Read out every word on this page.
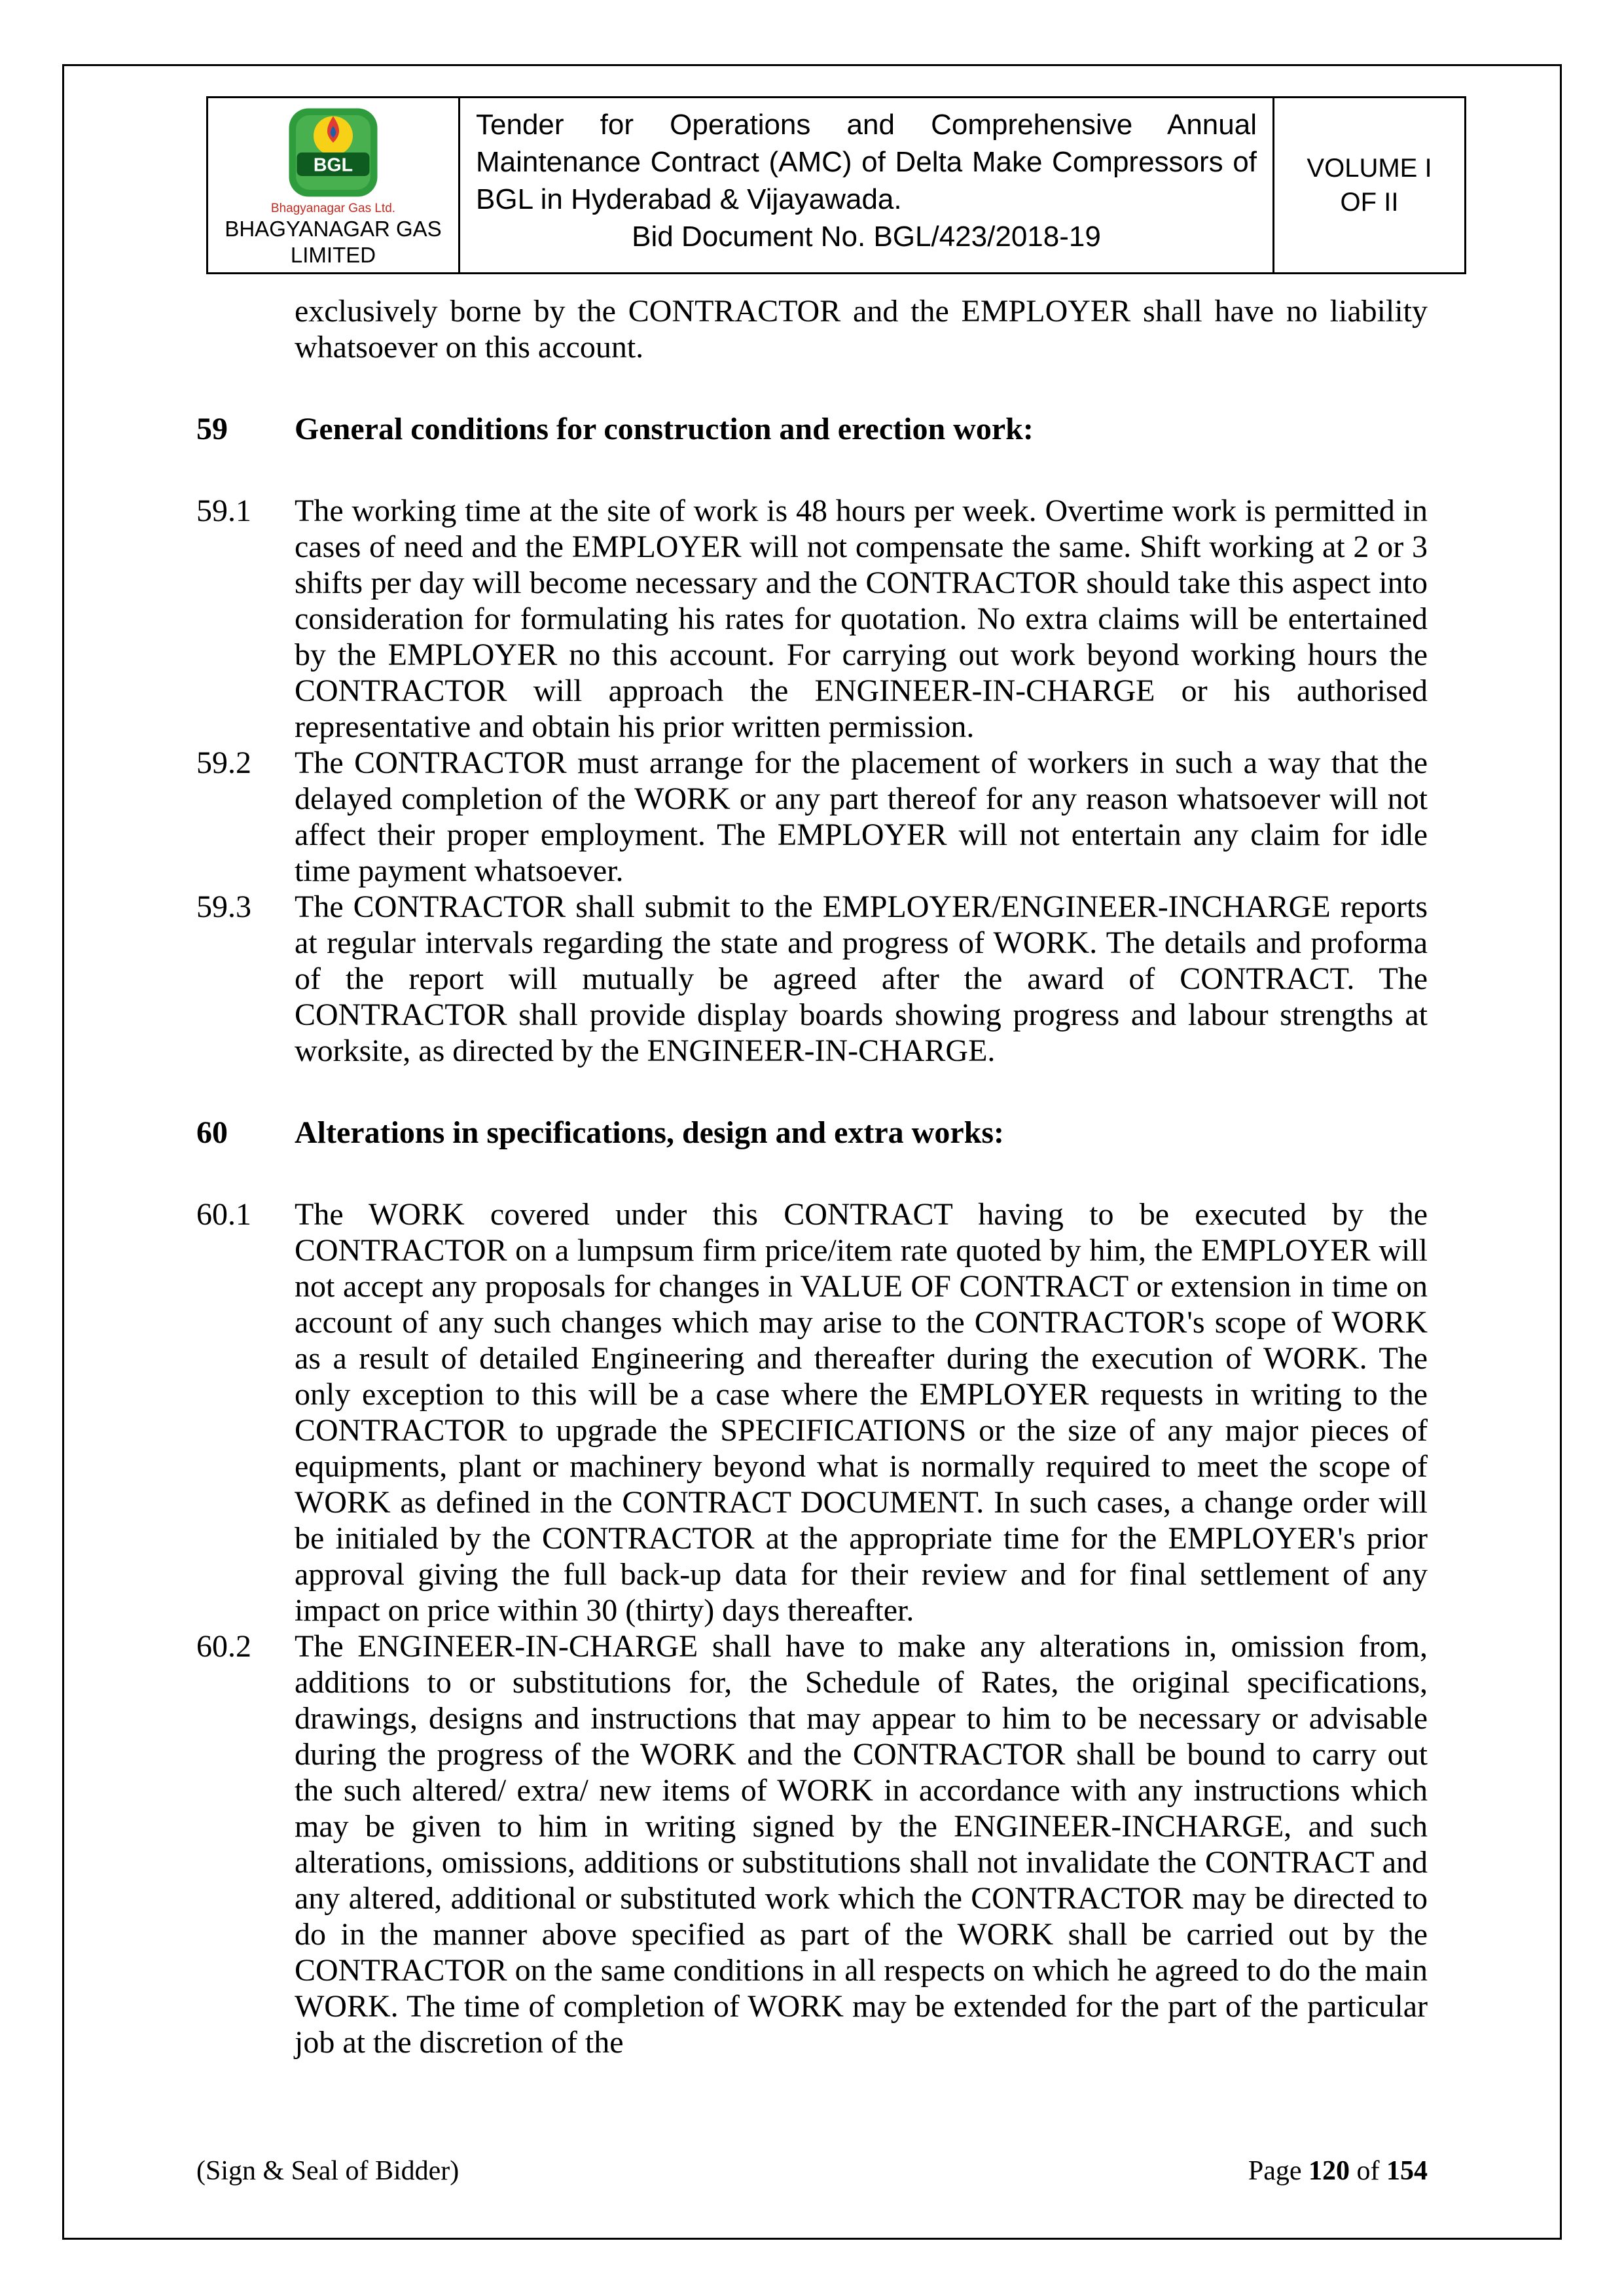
BGL
Bhagyanagar Gas Ltd.
BHAGYANAGAR GAS
LIMITED
Tender for Operations and Comprehensive Annual Maintenance Contract (AMC) of Delta Make Compressors of BGL in Hyderabad & Vijayawada.
Bid Document No. BGL/423/2018-19
VOLUME I
OF II

exclusively borne by the CONTRACTOR and the EMPLOYER shall have no liability whatsoever on this account.

59	General conditions for construction and erection work:
59.1	The working time at the site of work is 48 hours per week. Overtime work is permitted in cases of need and the EMPLOYER will not compensate the same. Shift working at 2 or 3 shifts per day will become necessary and the CONTRACTOR should take this aspect into consideration for formulating his rates for quotation. No extra claims will be entertained by the EMPLOYER no this account. For carrying out work beyond working hours the CONTRACTOR will approach the ENGINEER-IN-CHARGE or his authorised representative and obtain his prior written permission.
59.2	The CONTRACTOR must arrange for the placement of workers in such a way that the delayed completion of the WORK or any part thereof for any reason whatsoever will not affect their proper employment. The EMPLOYER will not entertain any claim for idle time payment whatsoever.
59.3	The CONTRACTOR shall submit to the EMPLOYER/ENGINEER-INCHARGE reports at regular intervals regarding the state and progress of WORK. The details and proforma of the report will mutually be agreed after the award of CONTRACT. The CONTRACTOR shall provide display boards showing progress and labour strengths at worksite, as directed by the ENGINEER-IN-CHARGE.
60	Alterations in specifications, design and extra works:
60.1	The WORK covered under this CONTRACT having to be executed by the CONTRACTOR on a lumpsum firm price/item rate quoted by him, the EMPLOYER will not accept any proposals for changes in VALUE OF CONTRACT or extension in time on account of any such changes which may arise to the CONTRACTOR's scope of WORK as a result of detailed Engineering and thereafter during the execution of WORK. The only exception to this will be a case where the EMPLOYER requests in writing to the CONTRACTOR to upgrade the SPECIFICATIONS or the size of any major pieces of equipments, plant or machinery beyond what is normally required to meet the scope of WORK as defined in the CONTRACT DOCUMENT. In such cases, a change order will be initialed by the CONTRACTOR at the appropriate time for the EMPLOYER's prior approval giving the full back-up data for their review and for final settlement of any impact on price within 30 (thirty) days thereafter.
60.2	The ENGINEER-IN-CHARGE shall have to make any alterations in, omission from, additions to or substitutions for, the Schedule of Rates, the original specifications, drawings, designs and instructions that may appear to him to be necessary or advisable during the progress of the WORK and the CONTRACTOR shall be bound to carry out the such altered/ extra/ new items of WORK in accordance with any instructions which may be given to him in writing signed by the ENGINEER-INCHARGE, and such alterations, omissions, additions or substitutions shall not invalidate the CONTRACT and any altered, additional or substituted work which the CONTRACTOR may be directed to do in the manner above specified as part of the WORK shall be carried out by the CONTRACTOR on the same conditions in all respects on which he agreed to do the main WORK. The time of completion of WORK may be extended for the part of the particular job at the discretion of the
(Sign & Seal of Bidder)	Page 120 of 154
